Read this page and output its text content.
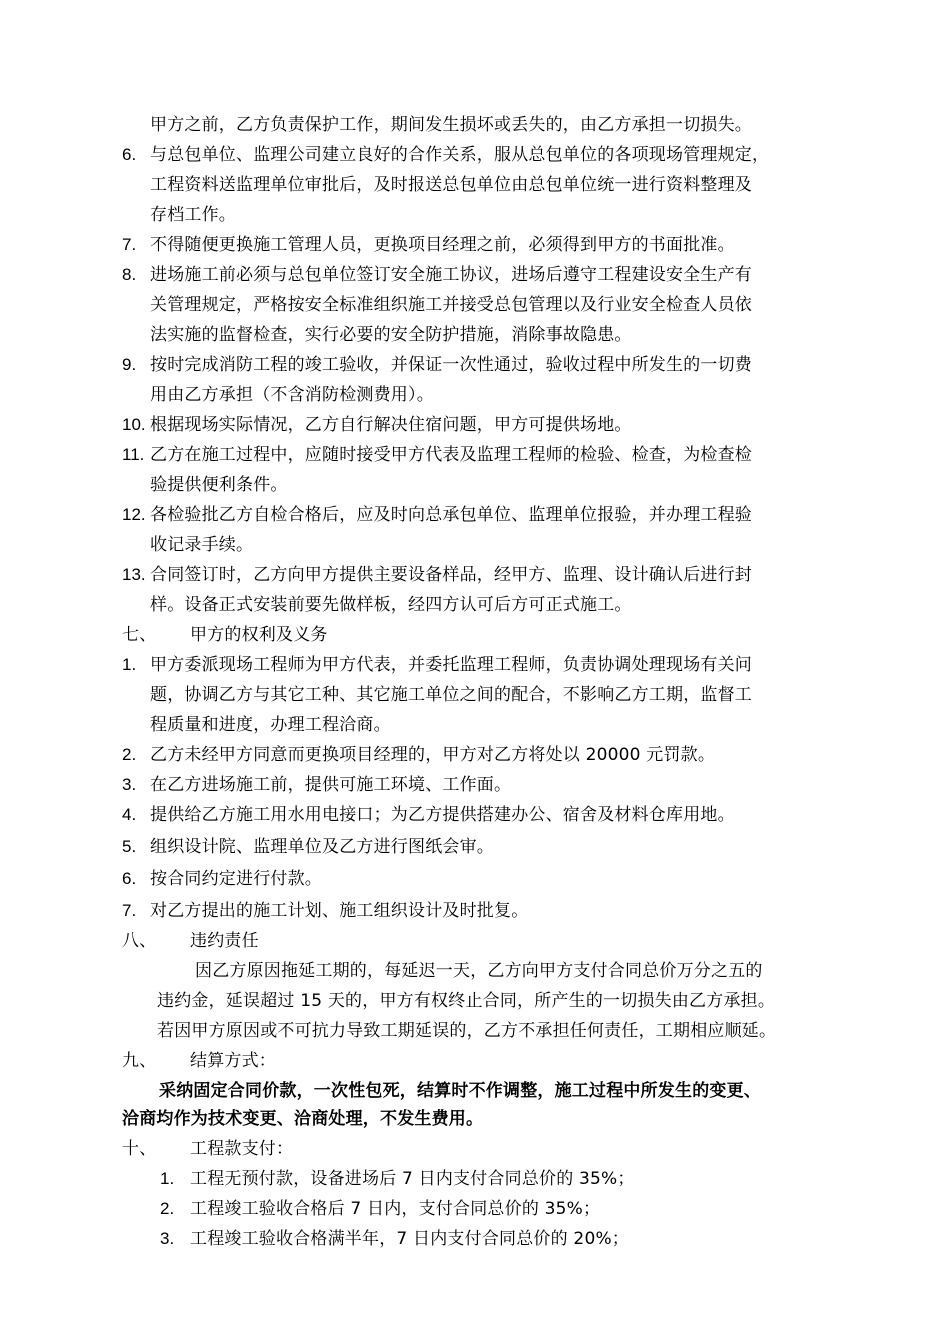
甲方之前，乙方负责保护工作，期间发生损坏或丢失的，由乙方承担一切损失。
6. 与总包单位、监理公司建立良好的合作关系，服从总包单位的各项现场管理规定，
工程资料送监理单位审批后，及时报送总包单位由总包单位统一进行资料整理及
存档工作。
7. 不得随便更换施工管理人员，更换项目经理之前，必须得到甲方的书面批准。
8. 进场施工前必须与总包单位签订安全施工协议，进场后遵守工程建设安全生产有
关管理规定，严格按安全标准组织施工并接受总包管理以及行业安全检查人员依
法实施的监督检查，实行必要的安全防护措施，消除事故隐患。
9. 按时完成消防工程的竣工验收，并保证一次性通过，验收过程中所发生的一切费
用由乙方承担（不含消防检测费用）。
10. 根据现场实际情况，乙方自行解决住宿问题，甲方可提供场地。
11. 乙方在施工过程中，应随时接受甲方代表及监理工程师的检验、检查，为检查检
验提供便利条件。
12. 各检验批乙方自检合格后，应及时向总承包单位、监理单位报验，并办理工程验
收记录手续。
13. 合同签订时，乙方向甲方提供主要设备样品，经甲方、监理、设计确认后进行封
样。设备正式安装前要先做样板，经四方认可后方可正式施工。
七、 甲方的权利及义务
1. 甲方委派现场工程师为甲方代表，并委托监理工程师，负责协调处理现场有关问
题，协调乙方与其它工种、其它施工单位之间的配合，不影响乙方工期，监督工
程质量和进度，办理工程洽商。
2. 乙方未经甲方同意而更换项目经理的，甲方对乙方将处以 20000 元罚款。
3. 在乙方进场施工前，提供可施工环境、工作面。
4. 提供给乙方施工用水用电接口；为乙方提供搭建办公、宿舍及材料仓库用地。
5. 组织设计院、监理单位及乙方进行图纸会审。
6. 按合同约定进行付款。
7. 对乙方提出的施工计划、施工组织设计及时批复。
八、 违约责任
因乙方原因拖延工期的，每延迟一天，乙方向甲方支付合同总价万分之五的
违约金，延误超过 15 天的，甲方有权终止合同，所产生的一切损失由乙方承担。
若因甲方原因或不可抗力导致工期延误的，乙方不承担任何责任，工期相应顺延。
九、 结算方式：
采纳固定合同价款，一次性包死，结算时不作调整，施工过程中所发生的变更、
洽商均作为技术变更、洽商处理，不发生费用。
十、 工程款支付：
1. 工程无预付款，设备进场后 7 日内支付合同总价的 35%；
2. 工程竣工验收合格后 7 日内，支付合同总价的 35%；
3. 工程竣工验收合格满半年，7 日内支付合同总价的 20%；
